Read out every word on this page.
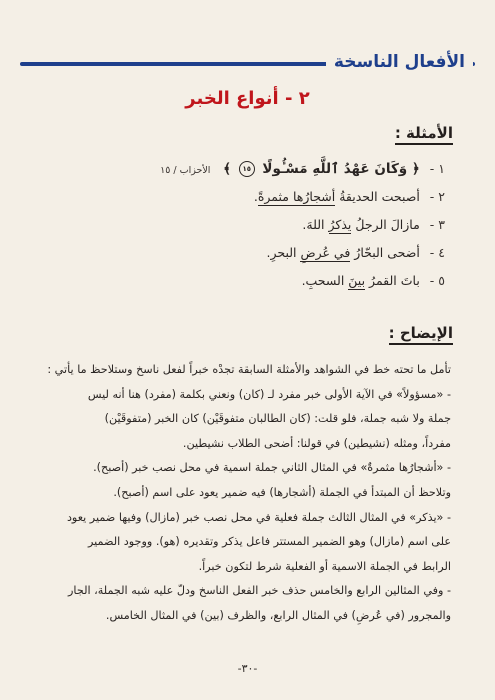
الأفعال الناسخة
٢ - أنواع الخبر
الأمثلة :
١ - ﴿ وَكَانَ عَهْدُ ٱللَّهِ مَسْـُٔولًا ١٥ ﴾ الأحزاب / ١٥
٢ - أصبحت الحديقةُ أشجارُها مثمرةً.
٣ - مازالَ الرجلُ يذكرُ اللهَ.
٤ - أضحى البحّارُ في عُرضِ البحرِ.
٥ - باتَ القمرُ بينَ السحبِ.
الإيضاح :

تأمل ما تحته خط في الشواهد والأمثلة السابقة تجدْه خبراً لفعل ناسخ وستلاحظ ما يأتي :

- «مسؤولاً» في الآية الأولى خبر مفرد لـ (كان) ونعني بكلمة (مفرد) هنا أنه ليس

جملة ولا شبه جملة، فلو قلت: (كان الطالبان متفوقَيْن) كان الخبر (متفوقَيْن)

مفرداً، ومثله (نشيطين) في قولنا: أضحى الطلاب نشيطين.

- «أشجارُها مثمرةٌ» في المثال الثاني جملة اسمية في محل نصب خبر (أصبح).

وتلاحظ أن المبتدأ في الجملة (أشجارها) فيه ضمير يعود على اسم (أصبح).

- «يذكر» في المثال الثالث جملة فعلية في محل نصب خبر (مازال) وفيها ضمير يعود

على اسم (مازال) وهو الضمير المستتر فاعل يذكر وتقديره (هو). ووجود الضمير

الرابط في الجملة الاسمية أو الفعلية شرط لتكون خبراً.

- وفي المثالين الرابع والخامس حذف خبر الفعل الناسخ ودلّ عليه شبه الجملة، الجار

والمجرور (في عُرضِ) في المثال الرابع، والظرف (بين) في المثال الخامس.

-٣٠-
